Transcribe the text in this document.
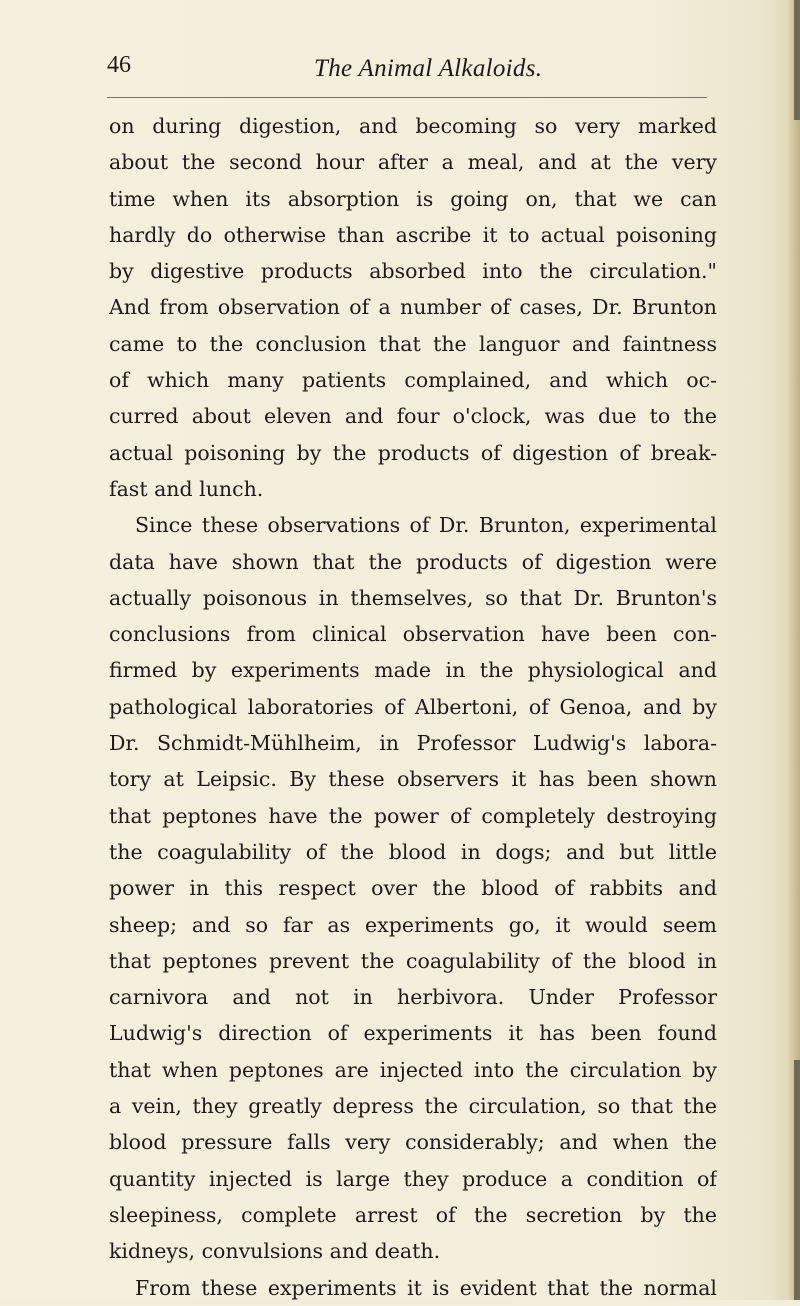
46	The Animal Alkaloids.
on during digestion, and becoming so very marked
about the second hour after a meal, and at the very
time when its absorption is going on, that we can
hardly do otherwise than ascribe it to actual poisoning
by digestive products absorbed into the circulation."
And from observation of a number of cases, Dr. Brunton
came to the conclusion that the languor and faintness
of which many patients complained, and which oc-
curred about eleven and four o'clock, was due to the
actual poisoning by the products of digestion of break-
fast and lunch.
Since these observations of Dr. Brunton, experimental
data have shown that the products of digestion were
actually poisonous in themselves, so that Dr. Brunton's
conclusions from clinical observation have been con-
firmed by experiments made in the physiological and
pathological laboratories of Albertoni, of Genoa, and by
Dr. Schmidt-Mühlheim, in Professor Ludwig's labora-
tory at Leipsic. By these observers it has been shown
that peptones have the power of completely destroying
the coagulability of the blood in dogs; and but little
power in this respect over the blood of rabbits and
sheep; and so far as experiments go, it would seem
that peptones prevent the coagulability of the blood in
carnivora and not in herbivora. Under Professor
Ludwig's direction of experiments it has been found
that when peptones are injected into the circulation by
a vein, they greatly depress the circulation, so that the
blood pressure falls very considerably; and when the
quantity injected is large they produce a condition of
sleepiness, complete arrest of the secretion by the
kidneys, convulsions and death.
From these experiments it is evident that the normal
